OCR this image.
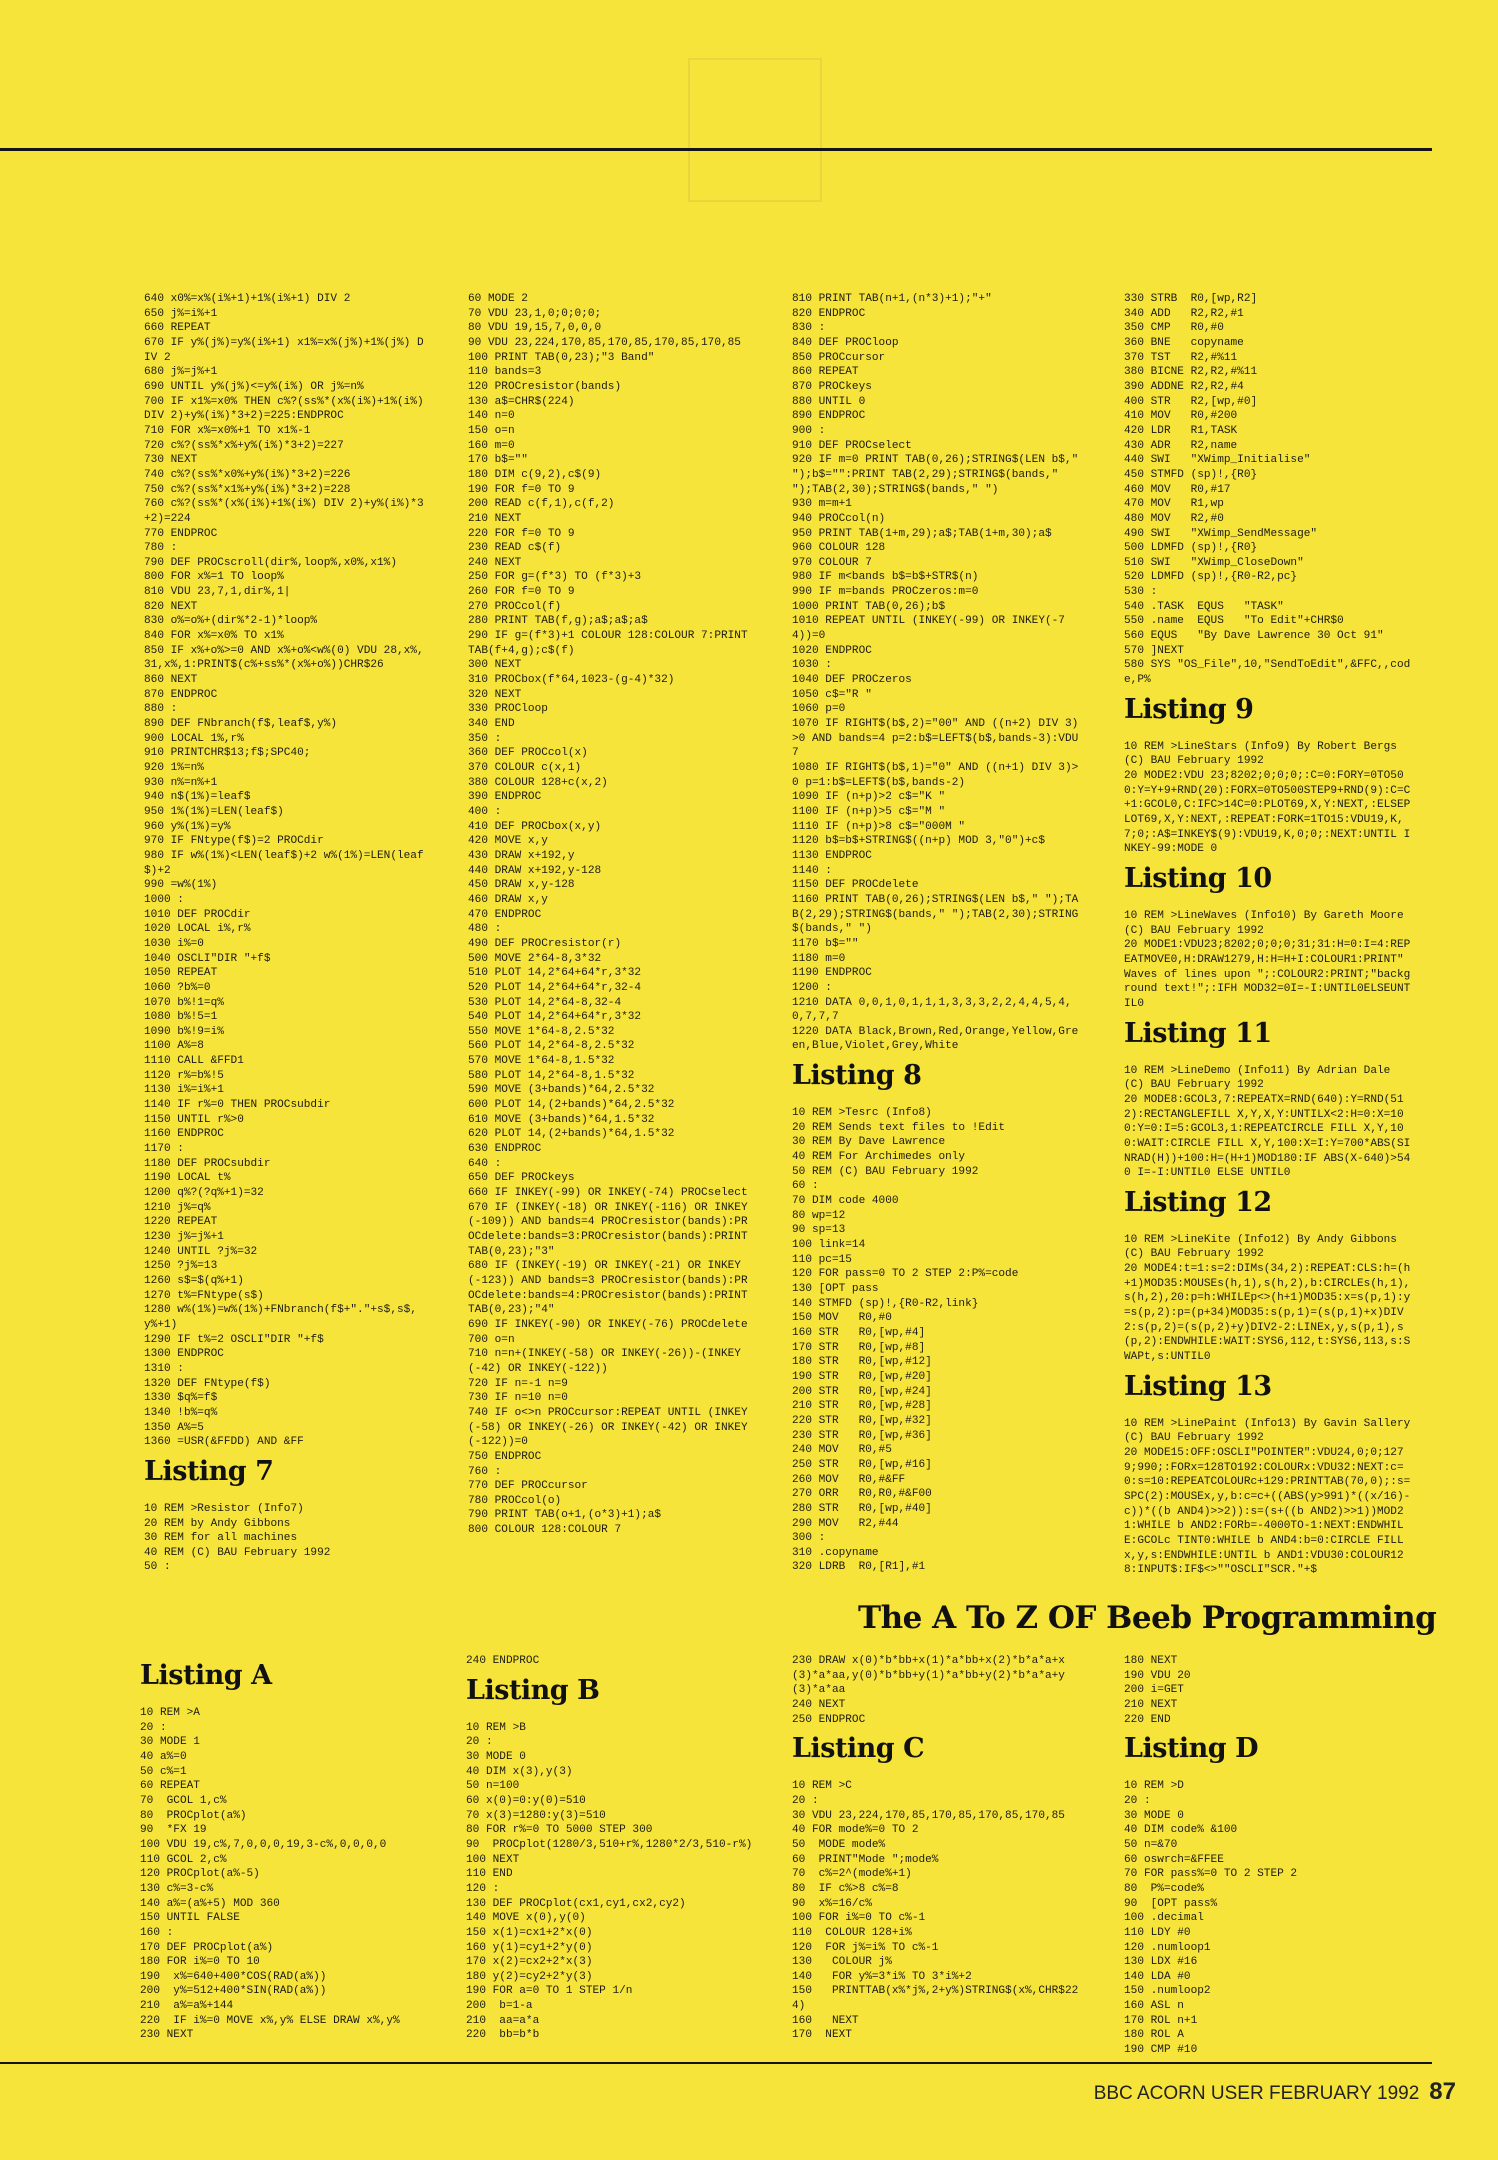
640 x0%=x%(i%+1)+1%(i%+1) DIV 2
650 j%=i%+1
660 REPEAT
670 IF y%(j%)=y%(i%+1) x1%=x%(j%)+1%(j%) DIV 2
680 j%=j%+1
690 UNTIL y%(j%)<=y%(i%) OR j%=n%
700 IF x1%=x0% THEN c%?(ss%*(x%(i%)+1%(i%) DIV 2)+y%(i%)*3+2)=225:ENDPROC
710 FOR x%=x0%+1 TO x1%-1
720 c%?(ss%*x%+y%(i%)*3+2)=227
730 NEXT
740 c%?(ss%*x0%+y%(i%)*3+2)=226
750 c%?(ss%*x1%+y%(i%)*3+2)=228
760 c%?(ss%*(x%(i%)+1%(i%) DIV 2)+y%(i%)*3+2)=224
770 ENDPROC
780 :
790 DEF PROCscroll(dir%,loop%,x0%,x1%)
800 FOR x%=1 TO loop%
810 VDU 23,7,1,dir%,1|
820 NEXT
830 o%=o%+(dir%*2-1)*loop%
840 FOR x%=x0% TO x1%
850 IF x%+o%>=0 AND x%+o%<w%(0) VDU 28,x%,31,x%,1:PRINT$(c%+ss%*(x%+o%))CHR$26
860 NEXT
870 ENDPROC
880 :
890 DEF FNbranch(f$,leaf$,y%)
900 LOCAL 1%,r%
910 PRINTCHR$13;f$;SPC40;
920 1%=n%
930 n%=n%+1
940 n$(1%)=leaf$
950 1%(1%)=LEN(leaf$)
960 y%(1%)=y%
970 IF FNtype(f$)=2 PROCdir
980 IF w%(1%)<LEN(leaf$)+2 w%(1%)=LEN(leaf$)+2
990 =w%(1%)
1000 :
1010 DEF PROCdir
1020 LOCAL i%,r%
1030 i%=0
1040 OSCLI"DIR "+f$
1050 REPEAT
1060 ?b%=0
1070 b%!1=q%
1080 b%!5=1
1090 b%!9=i%
1100 A%=8
1110 CALL &FFD1
1120 r%=b%!5
1130 i%=i%+1
1140 IF r%=0 THEN PROCsubdir
1150 UNTIL r%>0
1160 ENDPROC
1170 :
1180 DEF PROCsubdir
1190 LOCAL t%
1200 q%?(?q%+1)=32
1210 j%=q%
1220 REPEAT
1230 j%=j%+1
1240 UNTIL ?j%=32
1250 ?j%=13
1260 s$=$(q%+1)
1270 t%=FNtype(s$)
1280 w%(1%)=w%(1%)+FNbranch(f$+"."+s$,s$,y%+1)
1290 IF t%=2 OSCLI"DIR "+f$
1300 ENDPROC
1310 :
1320 DEF FNtype(f$)
1330 $q%=f$
1340 !b%=q%
1350 A%=5
1360 =USR(&FFDD) AND &FF
Listing 7
10 REM >Resistor (Info7)
20 REM by Andy Gibbons
30 REM for all machines
40 REM (C) BAU February 1992
50 :
60 MODE 2
70 VDU 23,1,0;0;0;0;
80 VDU 19,15,7,0,0,0
90 VDU 23,224,170,85,170,85,170,85,170,85
100 PRINT TAB(0,23);"3 Band"
110 bands=3
120 PROCresistor(bands)
130 a$=CHR$(224)
140 n=0
150 o=n
160 m=0
170 b$=""
180 DIM c(9,2),c$(9)
190 FOR f=0 TO 9
200 READ c(f,1),c(f,2)
210 NEXT
220 FOR f=0 TO 9
230 READ c$(f)
240 NEXT
250 FOR g=(f*3) TO (f*3)+3
260 FOR f=0 TO 9
270 PROCcol(f)
280 PRINT TAB(f,g);a$;a$;a$
290 IF g=(f*3)+1 COLOUR 128:COLOUR 7:PRINT TAB(f+4,g);c$(f)
300 NEXT
310 PROCbox(f*64,1023-(g-4)*32)
320 NEXT
330 PROCloop
340 END
350 :
360 DEF PROCcol(x)
370 COLOUR c(x,1)
380 COLOUR 128+c(x,2)
390 ENDPROC
400 :
410 DEF PROCbox(x,y)
420 MOVE x,y
430 DRAW x+192,y
440 DRAW x+192,y-128
450 DRAW x,y-128
460 DRAW x,y
470 ENDPROC
480 :
490 DEF PROCresistor(r)
500 MOVE 2*64-8,3*32
510 PLOT 14,2*64+64*r,3*32
520 PLOT 14,2*64+64*r,32-4
530 PLOT 14,2*64-8,32-4
540 PLOT 14,2*64+64*r,3*32
550 MOVE 1*64-8,2.5*32
560 PLOT 14,2*64-8,2.5*32
570 MOVE 1*64-8,1.5*32
580 PLOT 14,2*64-8,1.5*32
590 MOVE (3+bands)*64,2.5*32
600 PLOT 14,(2+bands)*64,2.5*32
610 MOVE (3+bands)*64,1.5*32
620 PLOT 14,(2+bands)*64,1.5*32
630 ENDPROC
640 :
650 DEF PROCkeys
660 IF INKEY(-99) OR INKEY(-74) PROCselect
670 IF (INKEY(-18) OR INKEY(-116) OR INKEY(-109)) AND bands=4 PROCresistor(bands):PROCdelete:bands=3:PROCresistor(bands):PRINT TAB(0,23);"3"
680 IF (INKEY(-19) OR INKEY(-21) OR INKEY(-123)) AND bands=3 PROCresistor(bands):PROCdelete:bands=4:PROCresistor(bands):PRINT TAB(0,23);"4"
690 IF INKEY(-90) OR INKEY(-76) PROCdelete
700 o=n
710 n=n+(INKEY(-58) OR INKEY(-26))-(INKEY(-42) OR INKEY(-122))
720 IF n=-1 n=9
730 IF n=10 n=0
740 IF o<>n PROCcursor:REPEAT UNTIL (INKEY(-58) OR INKEY(-26) OR INKEY(-42) OR INKEY(-122))=0
750 ENDPROC
760 :
770 DEF PROCcursor
780 PROCcol(o)
790 PRINT TAB(o+1,(o*3)+1);a$
800 COLOUR 128:COLOUR 7
810 PRINT TAB(n+1,(n*3)+1);"+"
820 ENDPROC
830 :
840 DEF PROCloop
850 PROCcursor
860 REPEAT
870 PROCkeys
880 UNTIL 0
890 ENDPROC
900 :
910 DEF PROCselect
920 IF m=0 PRINT TAB(0,26);STRING$(LEN b$," ");b$="":PRINT TAB(2,29);STRING$(bands," ");TAB(2,30);STRING$(bands," ")
930 m=m+1
940 PROCcol(n)
950 PRINT TAB(1+m,29);a$;TAB(1+m,30);a$
960 COLOUR 128
970 COLOUR 7
980 IF m<bands b$=b$+STR$(n)
990 IF m=bands PROCzeros:m=0
1000 PRINT TAB(0,26);b$
1010 REPEAT UNTIL (INKEY(-99) OR INKEY(-74))=0
1020 ENDPROC
1030 :
1040 DEF PROCzeros
1050 c$="R "
1060 p=0
1070 IF RIGHT$(b$,2)="00" AND ((n+2) DIV 3)>0 AND bands=4 p=2:b$=LEFT$(b$,bands-3):VDU 7
1080 IF RIGHT$(b$,1)="0" AND ((n+1) DIV 3)>0 p=1:b$=LEFT$(b$,bands-2)
1090 IF (n+p)>2 c$="K "
1100 IF (n+p)>5 c$="M "
1110 IF (n+p)>8 c$="000M "
1120 b$=b$+STRING$((n+p) MOD 3,"0")+c$
1130 ENDPROC
1140 :
1150 DEF PROCdelete
1160 PRINT TAB(0,26);STRING$(LEN b$," ");TAB(2,29);STRING$(bands," ");TAB(2,30);STRING$(bands," ")
1170 b$=""
1180 m=0
1190 ENDPROC
1200 :
1210 DATA 0,0,1,0,1,1,1,3,3,3,2,2,4,4,5,4,0,7,7,7
1220 DATA Black,Brown,Red,Orange,Yellow,Green,Blue,Violet,Grey,White
Listing 8
10 REM >Tesrc (Info8)
20 REM Sends text files to !Edit
30 REM By Dave Lawrence
40 REM For Archimedes only
50 REM (C) BAU February 1992
60 :
70 DIM code 4000
80 wp=12
90 sp=13
100 link=14
110 pc=15
120 FOR pass=0 TO 2 STEP 2:P%=code
130 [OPT pass
140 STMFD (sp)!,{R0-R2,link}
150 MOV   R0,#0
160 STR   R0,[wp,#4]
170 STR   R0,[wp,#8]
180 STR   R0,[wp,#12]
190 STR   R0,[wp,#20]
200 STR   R0,[wp,#24]
210 STR   R0,[wp,#28]
220 STR   R0,[wp,#32]
230 STR   R0,[wp,#36]
240 MOV   R0,#5
250 STR   R0,[wp,#16]
260 MOV   R0,#&FF
270 ORR   R0,R0,#&F00
280 STR   R0,[wp,#40]
290 MOV   R2,#44
300 :
310 .copyname
320 LDRB  R0,[R1],#1
330 STRB  R0,[wp,R2]
340 ADD   R2,R2,#1
350 CMP   R0,#0
360 BNE   copyname
370 TST   R2,#%11
380 BICNE R2,R2,#%11
390 ADDNE R2,R2,#4
400 STR   R2,[wp,#0]
410 MOV   R0,#200
420 LDR   R1,TASK
430 ADR   R2,name
440 SWI   "XWimp_Initialise"
450 STMFD (sp)!,{R0}
460 MOV   R0,#17
470 MOV   R1,wp
480 MOV   R2,#0
490 SWI   "XWimp_SendMessage"
500 LDMFD (sp)!,{R0}
510 SWI   "XWimp_CloseDown"
520 LDMFD (sp)!,{R0-R2,pc}
530 :
540 .TASK  EQUS   "TASK"
550 .name  EQUS   "To Edit"+CHR$0
560 EQUS   "By Dave Lawrence 30 Oct 91"
570 ]NEXT
580 SYS "OS_File",10,"SendToEdit",&FFC,,code,P%
Listing 9
10 REM >LineStars (Info9) By Robert Bergs (C) BAU February 1992
20 MODE2:VDU 23;8202;0;0;0;:C=0:FORY=0TO500:Y=Y+9+RND(20):FORX=0TO500STEP9+RND(9):C=C+1:GCOL0,C:IFC>14C=0:PLOT69,X,Y:NEXT,:ELSEPLOT69,X,Y:NEXT,:REPEAT:FORK=1TO15:VDU19,K,7;0;:A$=INKEY$(9):VDU19,K,0;0;:NEXT:UNTIL INKEY-99:MODE 0
Listing 10
10 REM >LineWaves (Info10) By Gareth Moore (C) BAU February 1992
20 MODE1:VDU23;8202;0;0;0;31;31:H=0:I=4:REPEATMOVE0,H:DRAW1279,H:H=H+I:COLOUR1:PRINT"  Waves of lines upon ";:COLOUR2:PRINT;"background text!";:IFH MOD32=0I=-I:UNTIL0ELSEUNTIL0
Listing 11
10 REM >LineDemo (Info11) By Adrian Dale (C) BAU February 1992
20 MODE8:GCOL3,7:REPEATX=RND(640):Y=RND(512):RECTANGLEFILL X,Y,X,Y:UNTILX<2:H=0:X=100:Y=0:I=5:GCOL3,1:REPEATCIRCLE FILL X,Y,100:WAIT:CIRCLE FILL X,Y,100:X=I:Y=700*ABS(SINRAD(H))+100:H=(H+1)MOD180:IF ABS(X-640)>540 I=-I:UNTIL0 ELSE UNTIL0
Listing 12
10 REM >LineKite (Info12) By Andy Gibbons (C) BAU February 1992
20 MODE4:t=1:s=2:DIMs(34,2):REPEAT:CLS:h=(h+1)MOD35:MOUSEs(h,1),s(h,2),b:CIRCLEs(h,1),s(h,2),20:p=h:WHILEp<>(h+1)MOD35:x=s(p,1):y=s(p,2):p=(p+34)MOD35:s(p,1)=(s(p,1)+x)DIV2:s(p,2)=(s(p,2)+y)DIV2-2:LINEx,y,s(p,1),s(p,2):ENDWHILE:WAIT:SYS6,112,t:SYS6,113,s:SWAPt,s:UNTIL0
Listing 13
10 REM >LinePaint (Info13) By Gavin Sallery (C) BAU February 1992
20 MODE15:OFF:OSCLI"POINTER":VDU24,0;0;1279;990;:FORx=128TO192:COLOURx:VDU32:NEXT:c=0:s=10:REPEATCOLOURc+129:PRINTTAB(70,0);:s=SPC(2):MOUSEx,y,b:c=c+((ABS(y>991)*((x/16)-c))*((b AND4)>>2)):s=(s+((b AND2)>>1))MOD21:WHILE b AND2:FORb=-4000TO-1:NEXT:ENDWHILE:GCOLc TINT0:WHILE b AND4:b=0:CIRCLE FILLx,y,s:ENDWHILE:UNTIL b AND1:VDU30:COLOUR128:INPUT$:IF$<>""OSCLI"SCR."+$
The A To Z OF Beeb Programming
Listing A
10 REM >A
20 :
30 MODE 1
40 a%=0
50 c%=1
60 REPEAT
70  GCOL 1,c%
80  PROCplot(a%)
90  *FX 19
100 VDU 19,c%,7,0,0,0,19,3-c%,0,0,0,0
110 GCOL 2,c%
120 PROCplot(a%-5)
130 c%=3-c%
140 a%=(a%+5) MOD 360
150 UNTIL FALSE
160 :
170 DEF PROCplot(a%)
180 FOR i%=0 TO 10
190  x%=640+400*COS(RAD(a%))
200  y%=512+400*SIN(RAD(a%))
210  a%=a%+144
220  IF i%=0 MOVE x%,y% ELSE DRAW x%,y%
230 NEXT
240 ENDPROC
Listing B
10 REM >B
20 :
30 MODE 0
40 DIM x(3),y(3)
50 n=100
60 x(0)=0:y(0)=510
70 x(3)=1280:y(3)=510
80 FOR r%=0 TO 5000 STEP 300
90  PROCplot(1280/3,510+r%,1280*2/3,510-r%)
100 NEXT
110 END
120 :
130 DEF PROCplot(cx1,cy1,cx2,cy2)
140 MOVE x(0),y(0)
150 x(1)=cx1+2*x(0)
160 y(1)=cy1+2*y(0)
170 x(2)=cx2+2*x(3)
180 y(2)=cy2+2*y(3)
190 FOR a=0 TO 1 STEP 1/n
200  b=1-a
210  aa=a*a
220  bb=b*b
230 DRAW x(0)*b*bb+x(1)*a*bb+x(2)*b*a*a+x(3)*a*aa,y(0)*b*bb+y(1)*a*bb+y(2)*b*a*a+y(3)*a*aa
240 NEXT
250 ENDPROC
Listing C
10 REM >C
20 :
30 VDU 23,224,170,85,170,85,170,85,170,85
40 FOR mode%=0 TO 2
50  MODE mode%
60  PRINT"Mode ";mode%
70  c%=2^(mode%+1)
80  IF c%>8 c%=8
90  x%=16/c%
100 FOR i%=0 TO c%-1
110  COLOUR 128+i%
120  FOR j%=i% TO c%-1
130   COLOUR j%
140   FOR y%=3*i% TO 3*i%+2
150   PRINTTAB(x%*j%,2+y%)STRING$(x%,CHR$224)
160   NEXT
170  NEXT
180 NEXT
190 VDU 20
200 i=GET
210 NEXT
220 END
Listing D
10 REM >D
20 :
30 MODE 0
40 DIM code% &100
50 n=&70
60 oswrch=&FFEE
70 FOR pass%=0 TO 2 STEP 2
80  P%=code%
90  [OPT pass%
100 .decimal
110 LDY #0
120 .numloop1
130 LDX #16
140 LDA #0
150 .numloop2
160 ASL n
170 ROL n+1
180 ROL A
190 CMP #10
BBC ACORN USER FEBRUARY 1992 87
